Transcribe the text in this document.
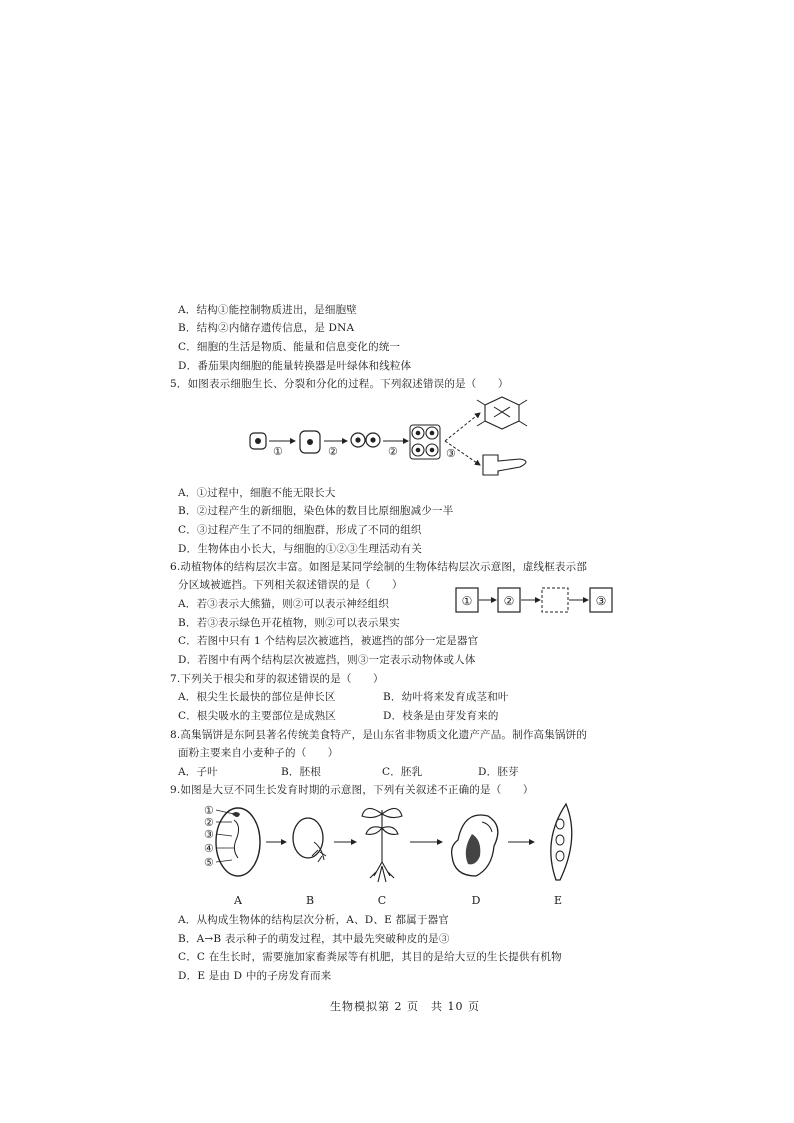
A．结构①能控制物质进出，是细胞壁
B．结构②内储存遗传信息，是 DNA
C．细胞的生活是物质、能量和信息变化的统一
D．番茄果肉细胞的能量转换器是叶绿体和线粒体
5．如图表示细胞生长、分裂和分化的过程。下列叙述错误的是（　　）
①	②	②	③
A．①过程中，细胞不能无限长大
B．②过程产生的新细胞，染色体的数目比原细胞减少一半
C．③过程产生了不同的细胞群，形成了不同的组织
D．生物体由小长大，与细胞的①②③生理活动有关
6.动植物体的结构层次丰富。如图是某同学绘制的生物体结构层次示意图，虚线框表示部
分区域被遮挡。下列相关叙述错误的是（　　）
①	②	③
A．若③表示大熊猫，则②可以表示神经组织
B．若③表示绿色开花植物，则②可以表示果实
C．若图中只有 1 个结构层次被遮挡，被遮挡的部分一定是器官
D．若图中有两个结构层次被遮挡，则③一定表示动物体或人体
7.下列关于根尖和芽的叙述错误的是（　　）
A．根尖生长最快的部位是伸长区	B．幼叶将来发育成茎和叶
C．根尖吸水的主要部位是成熟区	D．枝条是由芽发育来的
8.高集锅饼是东阿县著名传统美食特产，是山东省非物质文化遗产产品。制作高集锅饼的
面粉主要来自小麦种子的（　　）
A．子叶	B．胚根	C．胚乳	D．胚芽
9.如图是大豆不同生长发育时期的示意图，下列有关叙述不正确的是（　　）
①
②
③
④
⑤
A	B	C	D	E
A．从构成生物体的结构层次分析，A、D、E 都属于器官
B．A→B 表示种子的萌发过程，其中最先突破种皮的是③
C．C 在生长时，需要施加家畜粪尿等有机肥，其目的是给大豆的生长提供有机物
D．E 是由 D 中的子房发育而来
生物模拟第 2 页　共 10 页
